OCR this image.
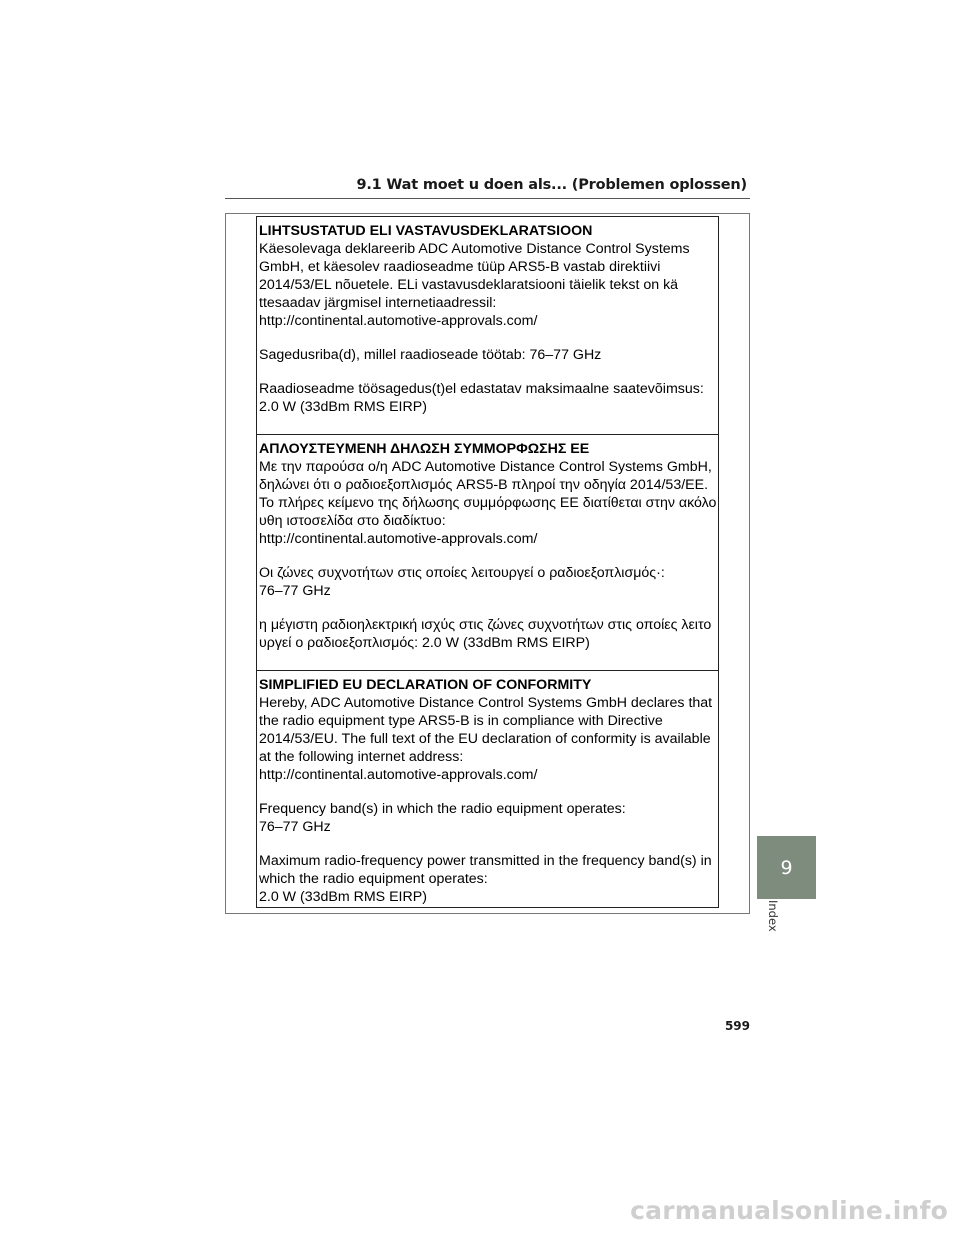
9.1 Wat moet u doen als... (Problemen oplossen)

LIHTSUSTATUD ELI VASTAVUSDEKLARATSIOON

Käesolevaga deklareerib ADC Automotive Distance Control Systems

GmbH, et käesolev raadioseadme tüüp ARS5-B vastab direktiivi

2014/53/EL nõuetele. ELi vastavusdeklaratsiooni täielik tekst on kä

ttesaadav järgmisel internetiaadressil:

http://continental.automotive-approvals.com/

Sagedusriba(d), millel raadioseade töötab: 76–77 GHz

Raadioseadme töösagedus(t)el edastatav maksimaalne saatevõimsus:

2.0 W (33dBm RMS EIRP)

ΑΠΛΟΥΣΤΕΥΜΕΝΗ ΔΗΛΩΣΗ ΣΥΜΜΟΡΦΩΣΗΣ ΕΕ

Με την παρούσα ο/η ADC Automotive Distance Control Systems GmbH,

δηλώνει ότι ο ραδιοεξοπλισμός ARS5-B πληροί την οδηγία 2014/53/ΕΕ.

Το πλήρες κείμενο της δήλωσης συμμόρφωσης ΕΕ διατίθεται στην ακόλο

υθη ιστοσελίδα στο διαδίκτυο:

http://continental.automotive-approvals.com/

Οι ζώνες συχνοτήτων στις οποίες λειτουργεί ο ραδιοεξοπλισμός·:

76–77 GHz

η μέγιστη ραδιοηλεκτρική ισχύς στις ζώνες συχνοτήτων στις οποίες λειτο

υργεί ο ραδιοεξοπλισμός: 2.0 W (33dBm RMS EIRP)

SIMPLIFIED EU DECLARATION OF CONFORMITY

Hereby, ADC Automotive Distance Control Systems GmbH declares that

the radio equipment type ARS5-B is in compliance with Directive

2014/53/EU. The full text of the EU declaration of conformity is available

at the following internet address:

http://continental.automotive-approvals.com/

Frequency band(s) in which the radio equipment operates:

76–77 GHz

Maximum radio-frequency power transmitted in the frequency band(s) in

which the radio equipment operates:

2.0 W (33dBm RMS EIRP)

9
Index
599
carmanualsonline.info
